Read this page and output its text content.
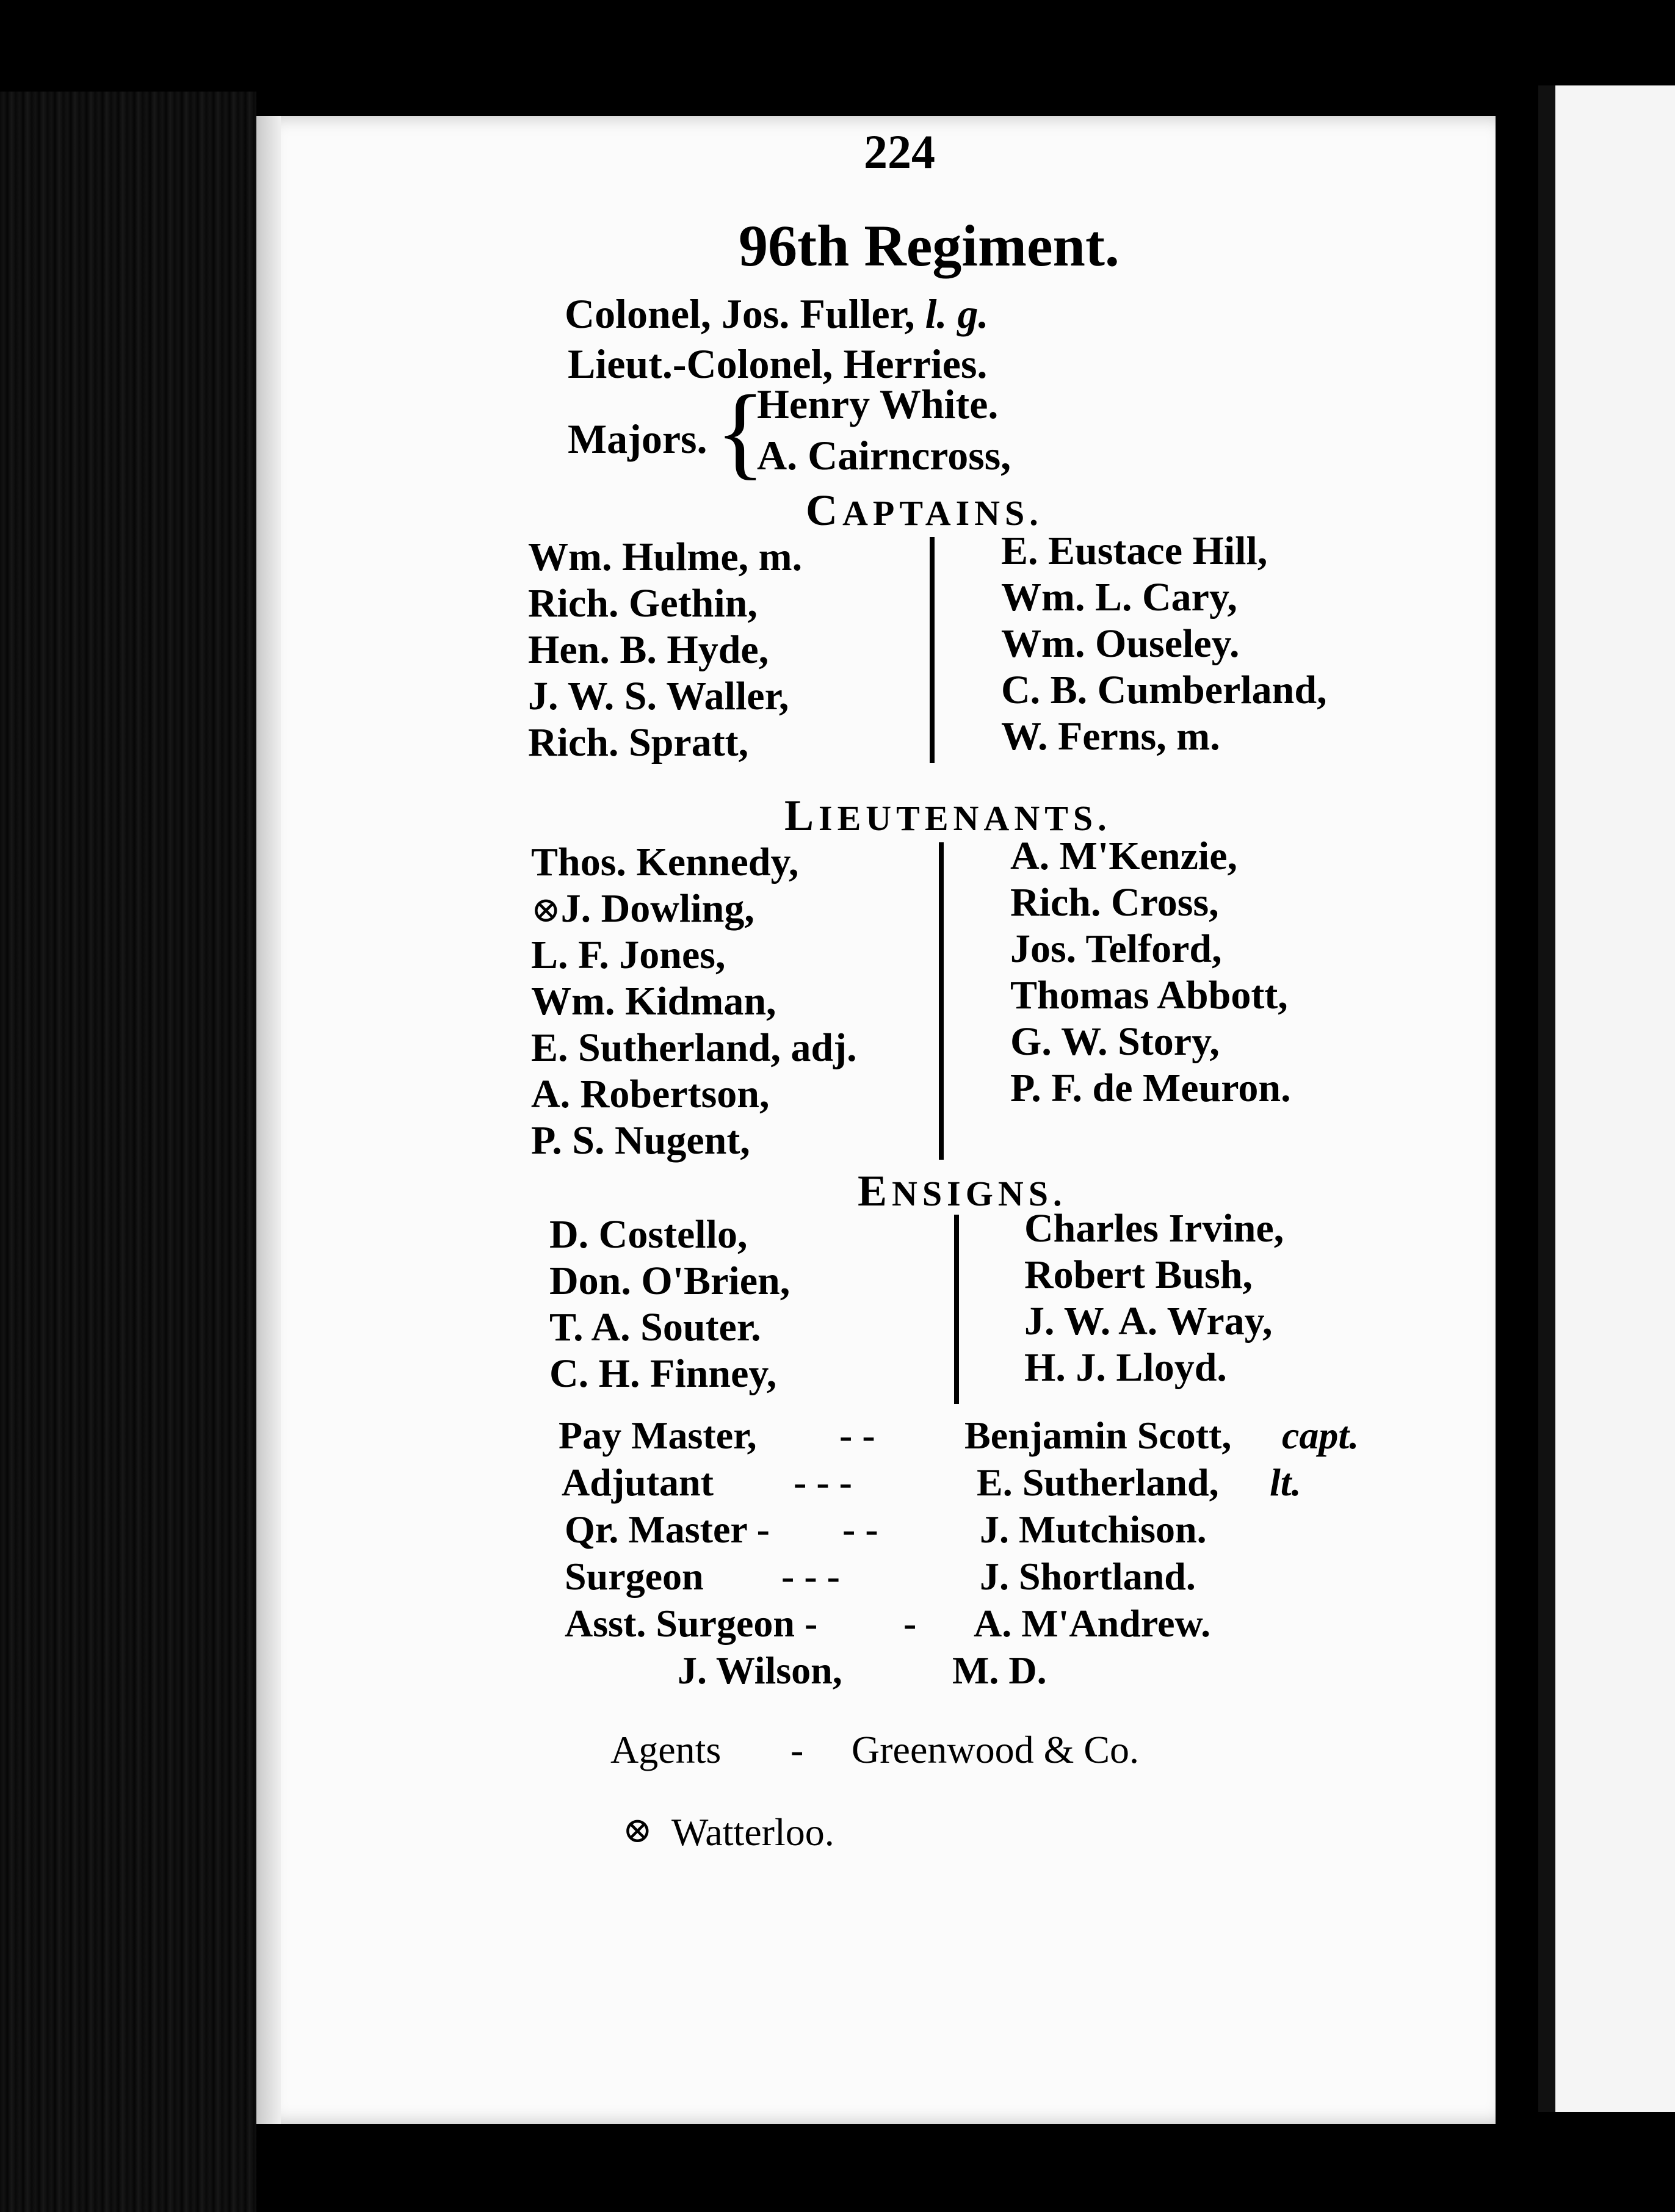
224
96th Regiment.
Colonel, Jos. Fuller, l. g.
Lieut.-Colonel, Herries.
Majors. {
Henry White.
A. Cairncross,
CAPTAINS.
Wm. Hulme, m.
Rich. Gethin,
Hen. B. Hyde,
J. W. S. Waller,
Rich. Spratt,
E. Eustace Hill,
Wm. L. Cary,
Wm. Ouseley.
C. B. Cumberland,
W. Ferns, m.
LIEUTENANTS.
Thos. Kennedy,
⊗J. Dowling,
L. F. Jones,
Wm. Kidman,
E. Sutherland, adj.
A. Robertson,
P. S. Nugent,
A. M'Kenzie,
Rich. Cross,
Jos. Telford,
Thomas Abbott,
G. W. Story,
P. F. de Meuron.
ENSIGNS.
D. Costello,
Don. O'Brien,
T. A. Souter.
C. H. Finney,
Charles Irvine,
Robert Bush,
J. W. A. Wray,
H. J. Lloyd.
Pay Master, - - Benjamin Scott, capt.
Adjutant - - -	E. Sutherland, lt.
Qr. Master - - -	J. Mutchison.
Surgeon - - -	J. Shortland.
Asst. Surgeon - - A. M'Andrew.
J. Wilson,	M. D.
Agents - Greenwood & Co.
⊗ Watterloo.
